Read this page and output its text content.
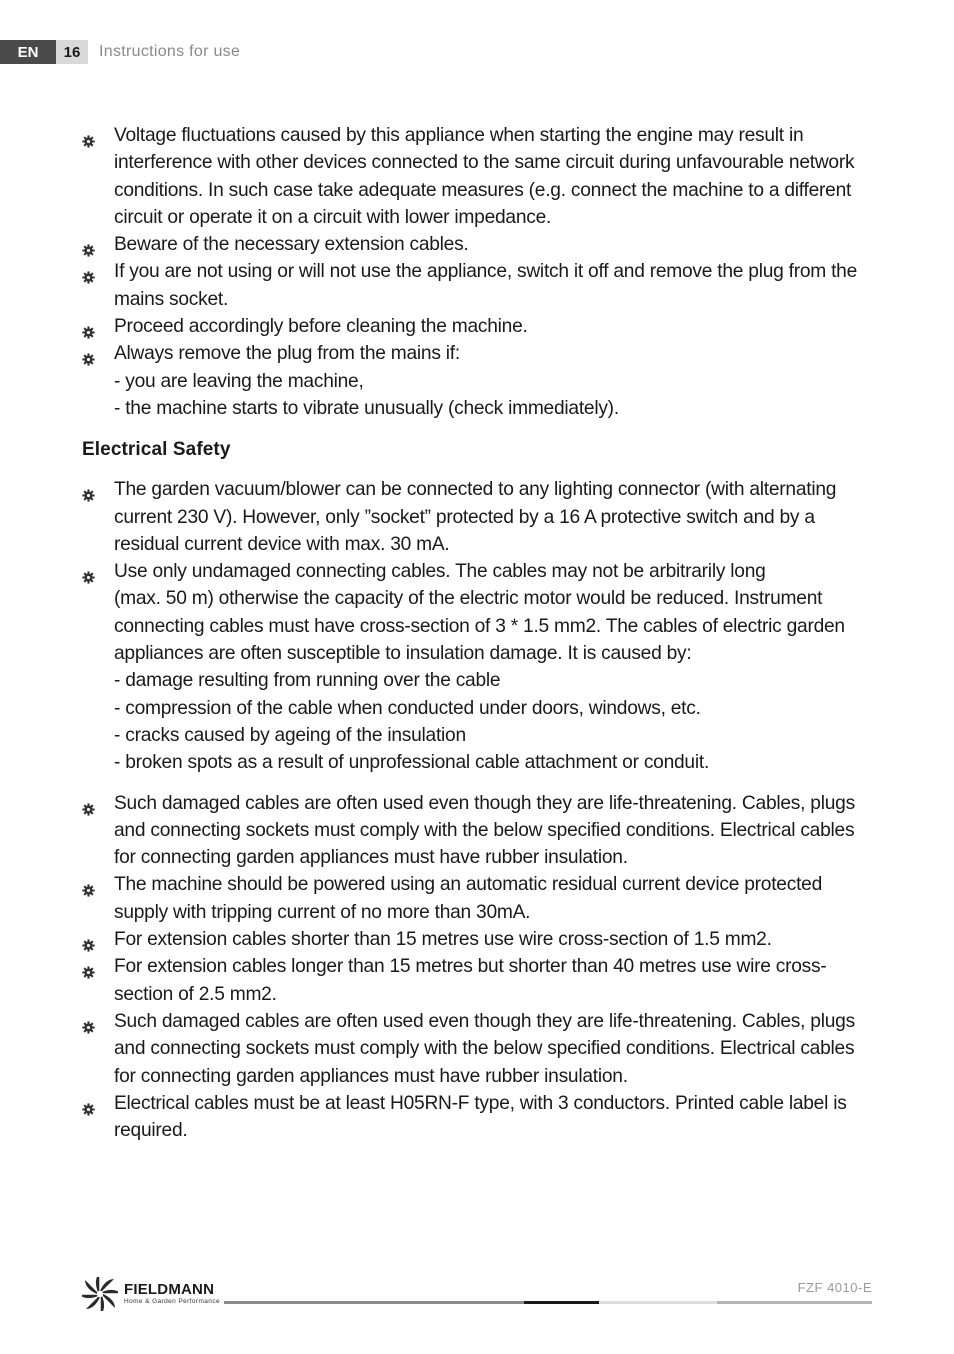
EN	16	Instructions for use
Voltage fluctuations caused by this appliance when starting the engine may result in interference with other devices connected to the same circuit during unfavourable network conditions. In such case take adequate measures (e.g. connect the machine to a different circuit or operate it on a circuit with lower impedance.
Beware of the necessary extension cables.
If you are not using or will not use the appliance, switch it off and remove the plug from the mains socket.
Proceed accordingly before cleaning the machine.
Always remove the plug from the mains if:
- you are leaving the machine,
- the machine starts to vibrate unusually (check immediately).
Electrical Safety
The garden vacuum/blower can be connected to any lighting connector (with alternating current 230 V). However, only ”socket” protected by a 16 A protective switch and by a residual current device with max. 30 mA.
Use only undamaged connecting cables. The cables may not be arbitrarily long
(max. 50 m) otherwise the capacity of the electric motor would be reduced. Instrument connecting cables must have cross-section of 3 * 1.5 mm2. The cables of electric garden appliances are often susceptible to insulation damage. It is caused by:
- damage resulting from running over the cable
- compression of the cable when conducted under doors, windows, etc.
- cracks caused by ageing of the insulation
- broken spots as a result of unprofessional cable attachment or conduit.
Such damaged cables are often used even though they are life-threatening. Cables, plugs and connecting sockets must comply with the below specified conditions. Electrical cables for connecting garden appliances must have rubber insulation.
The machine should be powered using an automatic residual current device protected supply with tripping current of no more than 30mA.
For extension cables shorter than 15 metres use wire cross-section of 1.5 mm2.
For extension cables longer than 15 metres but shorter than 40 metres use wire cross-section of 2.5 mm2.
Such damaged cables are often used even though they are life-threatening. Cables, plugs and connecting sockets must comply with the below specified conditions. Electrical cables for connecting garden appliances must have rubber insulation.
Electrical cables must be at least H05RN-F type, with 3 conductors. Printed cable label is required.
FIELDMANN
Home & Garden Performance
FZF 4010-E
